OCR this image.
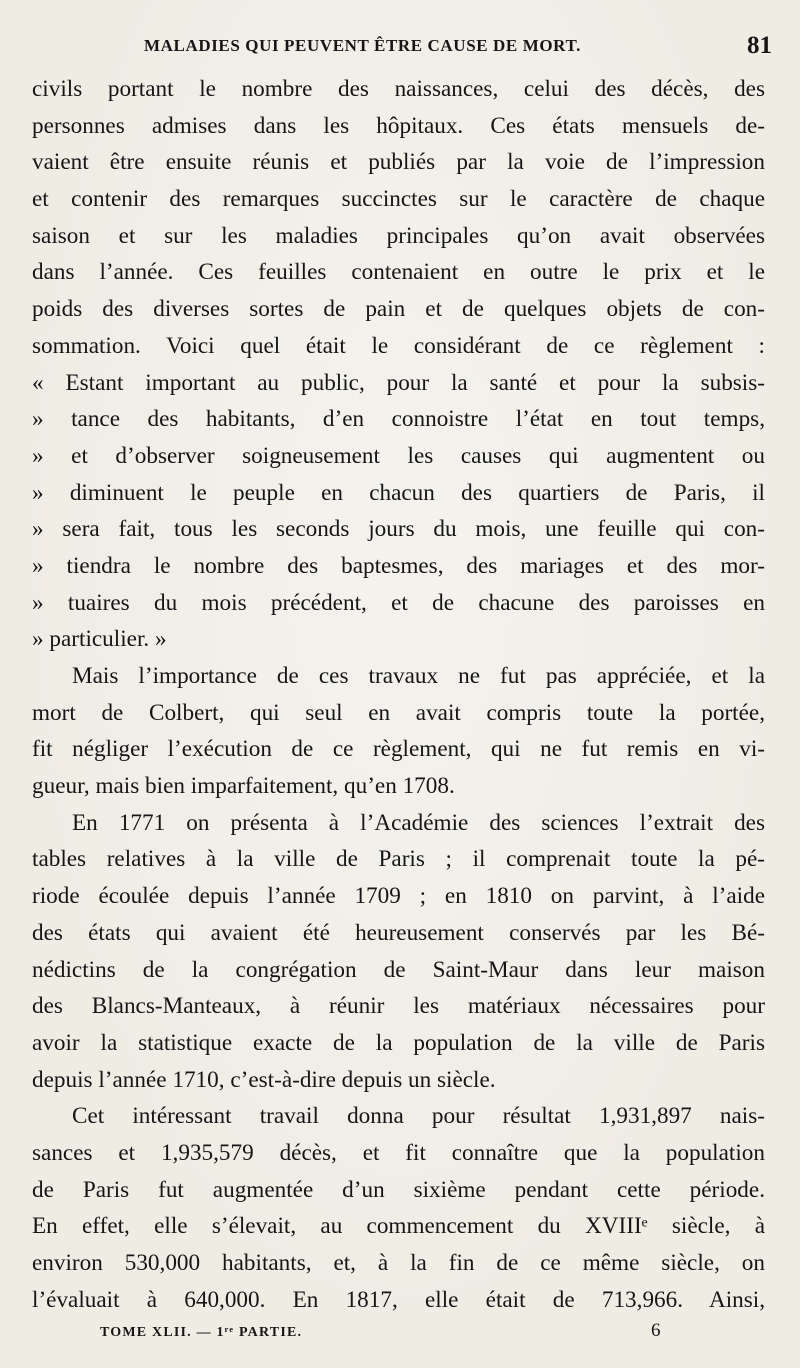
MALADIES QUI PEUVENT ÊTRE CAUSE DE MORT.	81
civils portant le nombre des naissances, celui des décès, des
personnes admises dans les hôpitaux. Ces états mensuels de-
vaient être ensuite réunis et publiés par la voie de l’impression
et contenir des remarques succinctes sur le caractère de chaque
saison et sur les maladies principales qu’on avait observées
dans l’année. Ces feuilles contenaient en outre le prix et le
poids des diverses sortes de pain et de quelques objets de con-
sommation. Voici quel était le considérant de ce règlement :
« Estant important au public, pour la santé et pour la subsis-
» tance des habitants, d’en connoistre l’état en tout temps,
» et d’observer soigneusement les causes qui augmentent ou
» diminuent le peuple en chacun des quartiers de Paris, il
» sera fait, tous les seconds jours du mois, une feuille qui con-
» tiendra le nombre des baptesmes, des mariages et des mor-
» tuaires du mois précédent, et de chacune des paroisses en
» particulier. »
Mais l’importance de ces travaux ne fut pas appréciée, et la
mort de Colbert, qui seul en avait compris toute la portée,
fit négliger l’exécution de ce règlement, qui ne fut remis en vi-
gueur, mais bien imparfaitement, qu’en 1708.
En 1771 on présenta à l’Académie des sciences l’extrait des
tables relatives à la ville de Paris ; il comprenait toute la pé-
riode écoulée depuis l’année 1709 ; en 1810 on parvint, à l’aide
des états qui avaient été heureusement conservés par les Bé-
nédictins de la congrégation de Saint-Maur dans leur maison
des Blancs-Manteaux, à réunir les matériaux nécessaires pour
avoir la statistique exacte de la population de la ville de Paris
depuis l’année 1710, c’est-à-dire depuis un siècle.
Cet intéressant travail donna pour résultat 1,931,897 nais-
sances et 1,935,579 décès, et fit connaître que la population
de Paris fut augmentée d’un sixième pendant cette période.
En effet, elle s’élevait, au commencement du XVIIIᵉ siècle, à
environ 530,000 habitants, et, à la fin de ce même siècle, on
l’évaluait à 640,000. En 1817, elle était de 713,966. Ainsi,
TOME XLII. — 1ʳᵉ PARTIE.	6
